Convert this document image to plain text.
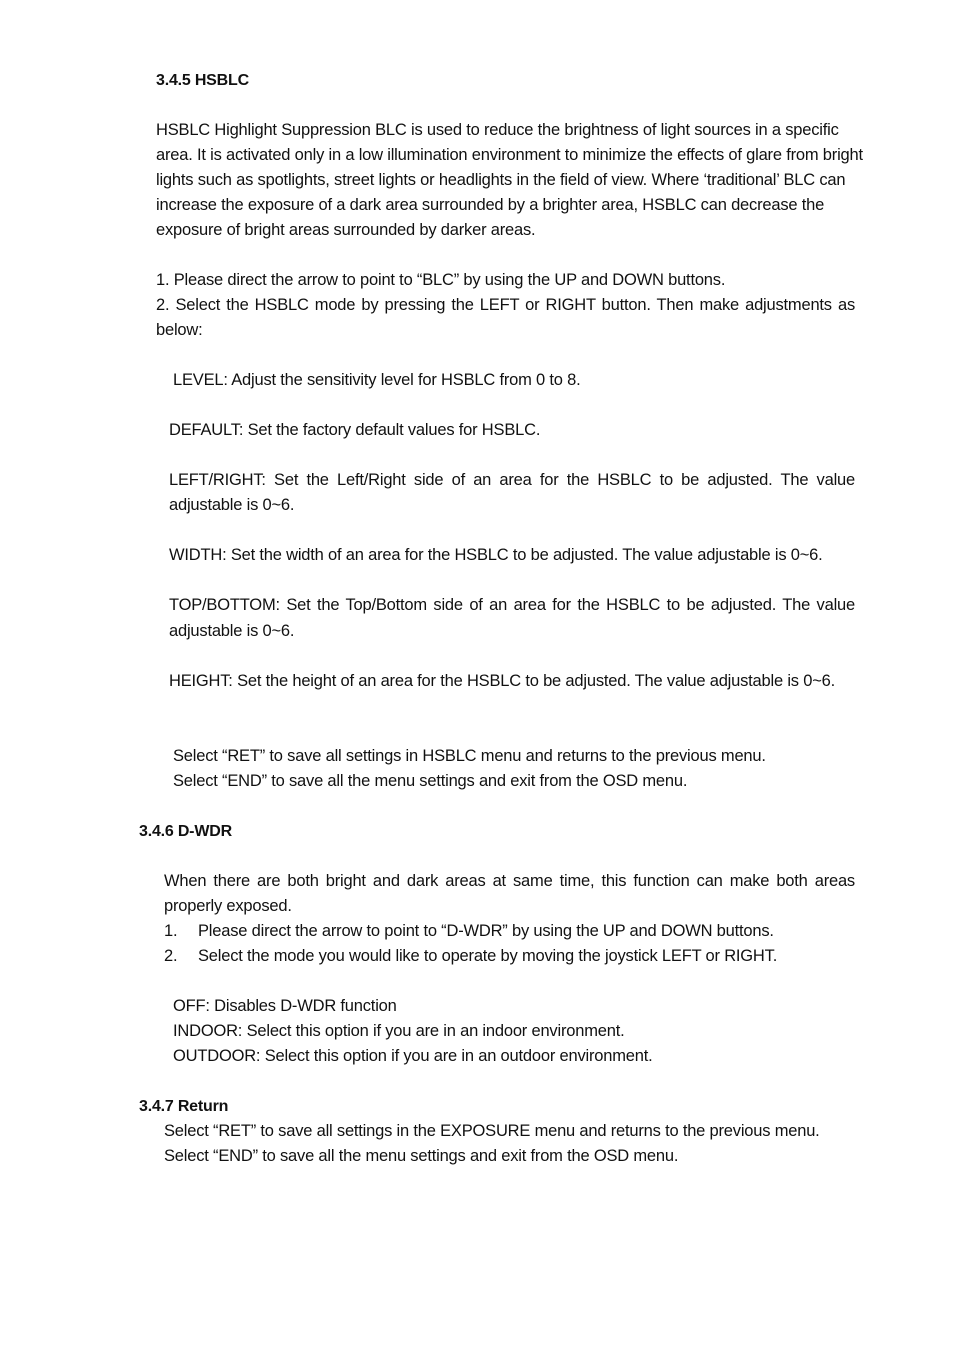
3.4.5 HSBLC
HSBLC Highlight Suppression BLC is used to reduce the brightness of light sources in a specific
area. It is activated only in a low illumination environment to minimize the effects of glare from bright
lights such as spotlights, street lights or headlights in the field of view. Where ‘traditional’ BLC can
increase the exposure of a dark area surrounded by a brighter area, HSBLC can decrease the
exposure of bright areas surrounded by darker areas.
1. Please direct the arrow to point to “BLC” by using the UP and DOWN buttons.
2. Select the HSBLC mode by pressing the LEFT or RIGHT button. Then make adjustments as
below:
LEVEL: Adjust the sensitivity level for HSBLC from 0 to 8.
DEFAULT: Set the factory default values for HSBLC.
LEFT/RIGHT: Set the Left/Right side of an area for the HSBLC to be adjusted. The value
adjustable is 0~6.
WIDTH: Set the width of an area for the HSBLC to be adjusted. The value adjustable is 0~6.
TOP/BOTTOM: Set the Top/Bottom side of an area for the HSBLC to be adjusted. The value
adjustable is 0~6.
HEIGHT: Set the height of an area for the HSBLC to be adjusted. The value adjustable is 0~6.
Select “RET” to save all settings in HSBLC menu and returns to the previous menu.
Select “END” to save all the menu settings and exit from the OSD menu.
3.4.6 D-WDR
When there are both bright and dark areas at same time, this function can make both areas
properly exposed.
1. Please direct the arrow to point to “D-WDR” by using the UP and DOWN buttons.
2. Select the mode you would like to operate by moving the joystick LEFT or RIGHT.
OFF: Disables D-WDR function
INDOOR: Select this option if you are in an indoor environment.
OUTDOOR: Select this option if you are in an outdoor environment.
3.4.7 Return
Select “RET” to save all settings in the EXPOSURE menu and returns to the previous menu.
Select “END” to save all the menu settings and exit from the OSD menu.
